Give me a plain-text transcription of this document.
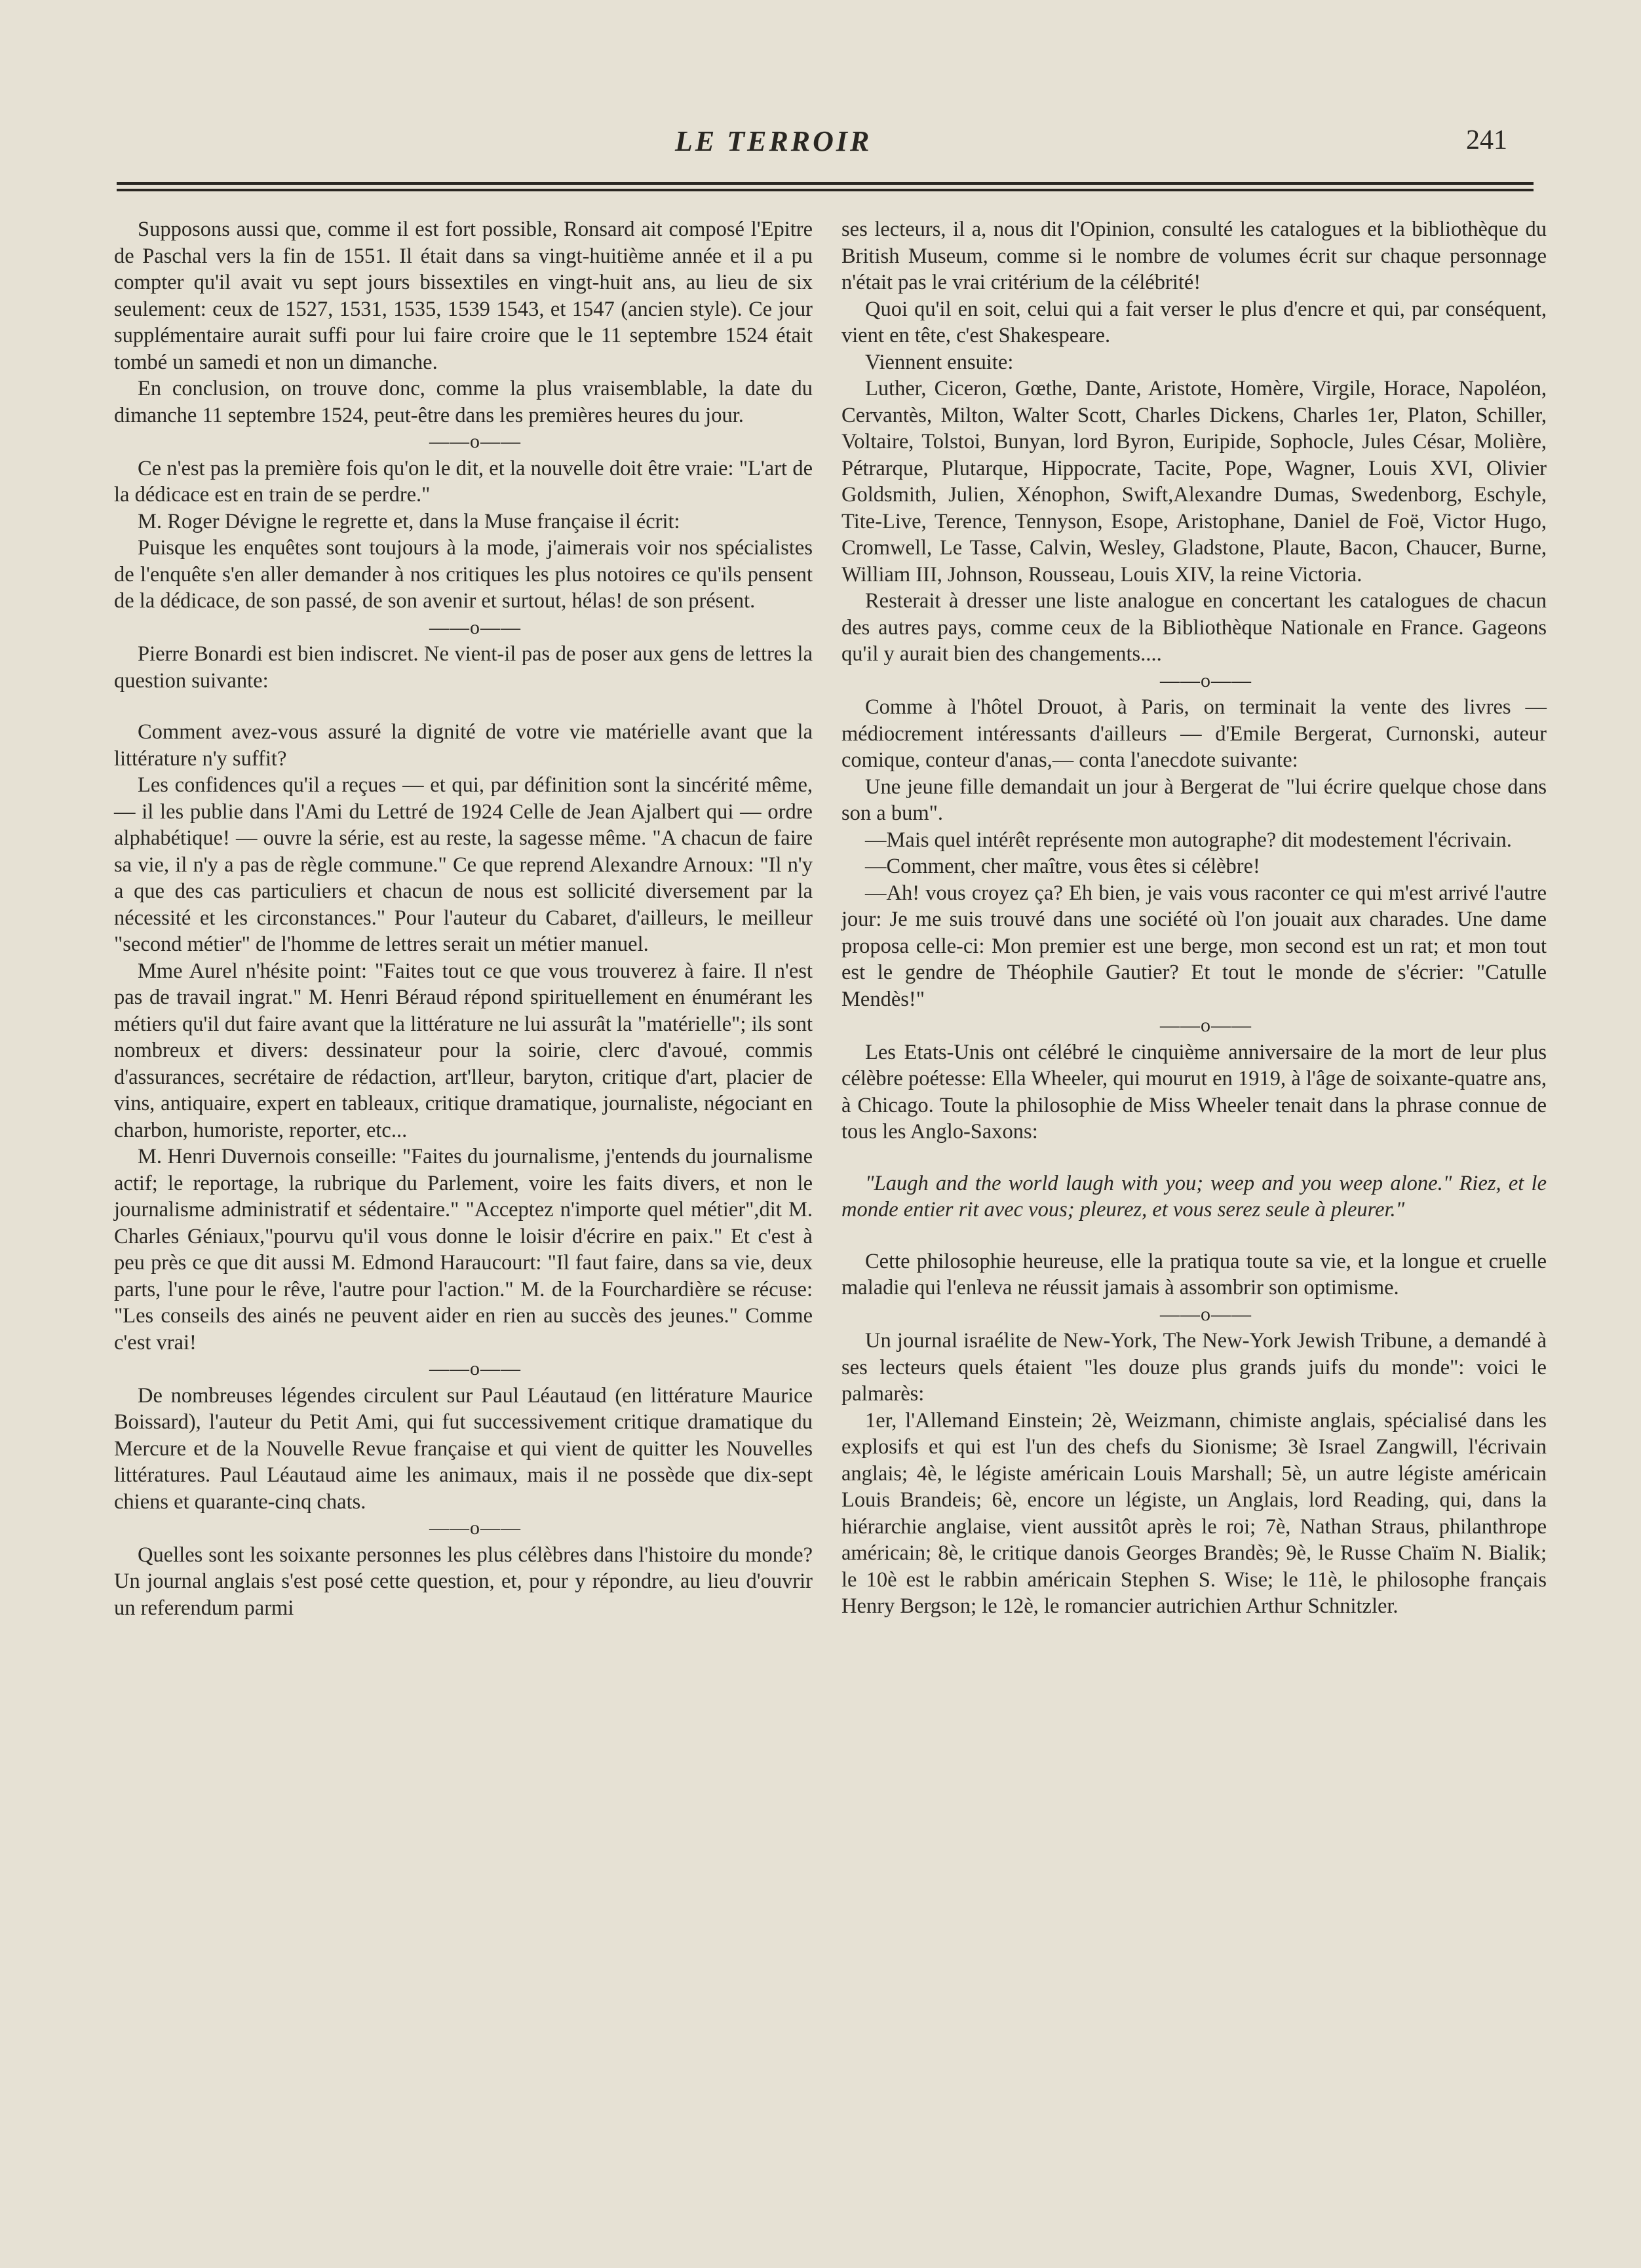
LE TERROIR	241

Supposons aussi que, comme il est fort possible, Ronsard ait composé l'Epitre de Paschal vers la fin de 1551. Il était dans sa vingt-huitième année et il a pu compter qu'il avait vu sept jours bissextiles en vingt-huit ans, au lieu de six seulement: ceux de 1527, 1531, 1535, 1539 1543, et 1547 (ancien style). Ce jour supplémentaire aurait suffi pour lui faire croire que le 11 septembre 1524 était tombé un samedi et non un dimanche.

En conclusion, on trouve donc, comme la plus vraisemblable, la date du dimanche 11 septembre 1524, peut-être dans les premières heures du jour.

——o——

Ce n'est pas la première fois qu'on le dit, et la nouvelle doit être vraie: "L'art de la dédicace est en train de se perdre."

M. Roger Dévigne le regrette et, dans la Muse française il écrit:

Puisque les enquêtes sont toujours à la mode, j'aimerais voir nos spécialistes de l'enquête s'en aller demander à nos critiques les plus notoires ce qu'ils pensent de la dédicace, de son passé, de son avenir et surtout, hélas! de son présent.

——o——

Pierre Bonardi est bien indiscret. Ne vient-il pas de poser aux gens de lettres la question suivante:

Comment avez-vous assuré la dignité de votre vie matérielle avant que la littérature n'y suffit?

Les confidences qu'il a reçues — et qui, par définition sont la sincérité même, — il les publie dans l'Ami du Lettré de 1924 Celle de Jean Ajalbert qui — ordre alphabétique! — ouvre la série, est au reste, la sagesse même. "A chacun de faire sa vie, il n'y a pas de règle commune." Ce que reprend Alexandre Arnoux: "Il n'y a que des cas particuliers et chacun de nous est sollicité diversement par la nécessité et les circonstances." Pour l'auteur du Cabaret, d'ailleurs, le meilleur "second métier" de l'homme de lettres serait un métier manuel.

Mme Aurel n'hésite point: "Faites tout ce que vous trouverez à faire. Il n'est pas de travail ingrat." M. Henri Béraud répond spirituellement en énumérant les métiers qu'il dut faire avant que la littérature ne lui assurât la "matérielle"; ils sont nombreux et divers: dessinateur pour la soirie, clerc d'avoué, commis d'assurances, secrétaire de rédaction, art'lleur, baryton, critique d'art, placier de vins, antiquaire, expert en tableaux, critique dramatique, journaliste, négociant en charbon, humoriste, reporter, etc...

M. Henri Duvernois conseille: "Faites du journalisme, j'entends du journalisme actif; le reportage, la rubrique du Parlement, voire les faits divers, et non le journalisme administratif et sédentaire." "Acceptez n'importe quel métier",dit M. Charles Géniaux,"pourvu qu'il vous donne le loisir d'écrire en paix." Et c'est à peu près ce que dit aussi M. Edmond Haraucourt: "Il faut faire, dans sa vie, deux parts, l'une pour le rêve, l'autre pour l'action." M. de la Fourchardière se récuse: "Les conseils des ainés ne peuvent aider en rien au succès des jeunes." Comme c'est vrai!

——o——

De nombreuses légendes circulent sur Paul Léautaud (en littérature Maurice Boissard), l'auteur du Petit Ami, qui fut successivement critique dramatique du Mercure et de la Nouvelle Revue française et qui vient de quitter les Nouvelles littératures. Paul Léautaud aime les animaux, mais il ne possède que dix-sept chiens et quarante-cinq chats.

——o——

Quelles sont les soixante personnes les plus célèbres dans l'histoire du monde? Un journal anglais s'est posé cette question, et, pour y répondre, au lieu d'ouvrir un referendum parmi

ses lecteurs, il a, nous dit l'Opinion, consulté les catalogues et la bibliothèque du British Museum, comme si le nombre de volumes écrit sur chaque personnage n'était pas le vrai critérium de la célébrité!

Quoi qu'il en soit, celui qui a fait verser le plus d'encre et qui, par conséquent, vient en tête, c'est Shakespeare.

Viennent ensuite:

Luther, Ciceron, Gœthe, Dante, Aristote, Homère, Virgile, Horace, Napoléon, Cervantès, Milton, Walter Scott, Charles Dickens, Charles 1er, Platon, Schiller, Voltaire, Tolstoi, Bunyan, lord Byron, Euripide, Sophocle, Jules César, Molière, Pétrarque, Plutarque, Hippocrate, Tacite, Pope, Wagner, Louis XVI, Olivier Goldsmith, Julien, Xénophon, Swift,Alexandre Dumas, Swedenborg, Eschyle, Tite-Live, Terence, Tennyson, Esope, Aristophane, Daniel de Foë, Victor Hugo, Cromwell, Le Tasse, Calvin, Wesley, Gladstone, Plaute, Bacon, Chaucer, Burne, William III, Johnson, Rousseau, Louis XIV, la reine Victoria.

Resterait à dresser une liste analogue en concertant les catalogues de chacun des autres pays, comme ceux de la Bibliothèque Nationale en France. Gageons qu'il y aurait bien des changements....

——o——

Comme à l'hôtel Drouot, à Paris, on terminait la vente des livres — médiocrement intéressants d'ailleurs — d'Emile Bergerat, Curnonski, auteur comique, conteur d'anas,— conta l'anecdote suivante:

Une jeune fille demandait un jour à Bergerat de "lui écrire quelque chose dans son a bum".

—Mais quel intérêt représente mon autographe? dit modestement l'écrivain.

—Comment, cher maître, vous êtes si célèbre!

—Ah! vous croyez ça? Eh bien, je vais vous raconter ce qui m'est arrivé l'autre jour: Je me suis trouvé dans une société où l'on jouait aux charades. Une dame proposa celle-ci: Mon premier est une berge, mon second est un rat; et mon tout est le gendre de Théophile Gautier? Et tout le monde de s'écrier: "Catulle Mendès!"

——o——

Les Etats-Unis ont célébré le cinquième anniversaire de la mort de leur plus célèbre poétesse: Ella Wheeler, qui mourut en 1919, à l'âge de soixante-quatre ans, à Chicago. Toute la philosophie de Miss Wheeler tenait dans la phrase connue de tous les Anglo-Saxons:

"Laugh and the world laugh with you; weep and you weep alone." Riez, et le monde entier rit avec vous; pleurez, et vous serez seule à pleurer."

Cette philosophie heureuse, elle la pratiqua toute sa vie, et la longue et cruelle maladie qui l'enleva ne réussit jamais à assombrir son optimisme.

——o——

Un journal israélite de New-York, The New-York Jewish Tribune, a demandé à ses lecteurs quels étaient "les douze plus grands juifs du monde": voici le palmarès:

1er, l'Allemand Einstein; 2è, Weizmann, chimiste anglais, spécialisé dans les explosifs et qui est l'un des chefs du Sionisme; 3è Israel Zangwill, l'écrivain anglais; 4è, le légiste américain Louis Marshall; 5è, un autre légiste américain Louis Brandeis; 6è, encore un légiste, un Anglais, lord Reading, qui, dans la hiérarchie anglaise, vient aussitôt après le roi; 7è, Nathan Straus, philanthrope américain; 8è, le critique danois Georges Brandès; 9è, le Russe Chaïm N. Bialik; le 10è est le rabbin américain Stephen S. Wise; le 11è, le philosophe français Henry Bergson; le 12è, le romancier autrichien Arthur Schnitzler.
